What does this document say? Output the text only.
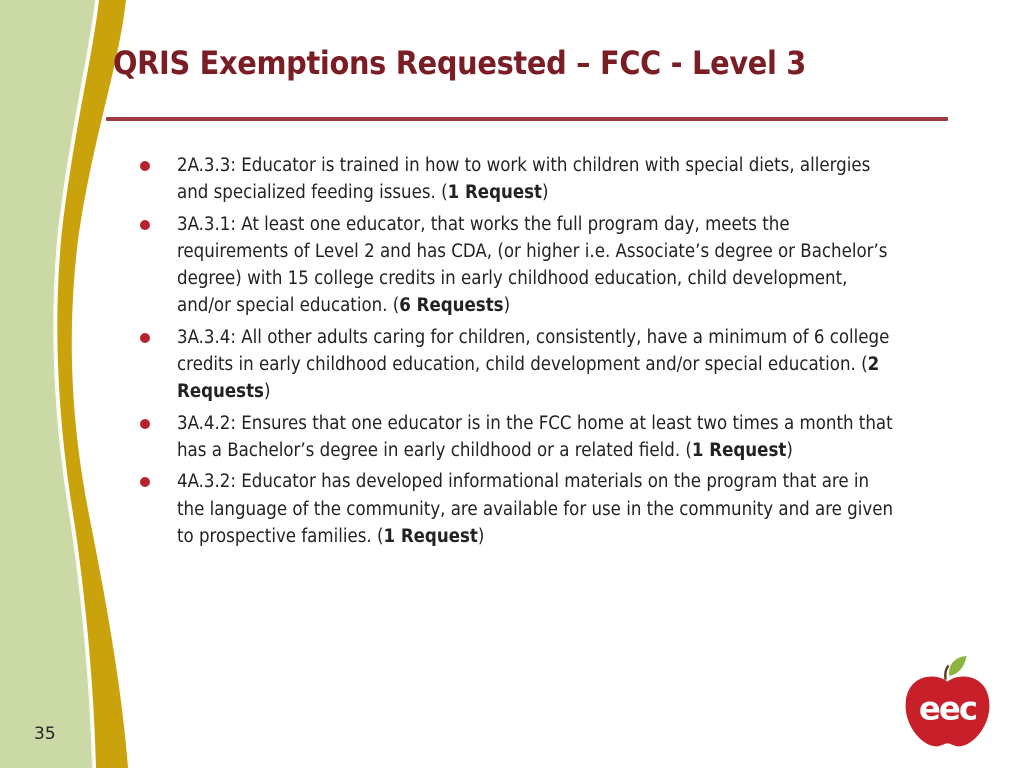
QRIS Exemptions Requested – FCC - Level 3
2A.3.3: Educator is trained in how to work with children with special diets, allergies and specialized feeding issues. (1 Request)
3A.3.1: At least one educator, that works the full program day, meets the requirements of Level 2 and has CDA, (or higher i.e. Associate’s degree or Bachelor’s degree) with 15 college credits in early childhood education, child development, and/or special education. (6 Requests)
3A.3.4: All other adults caring for children, consistently, have a minimum of 6 college credits in early childhood education, child development and/or special education. (2 Requests)
3A.4.2: Ensures that one educator is in the FCC home at least two times a month that has a Bachelor’s degree in early childhood or a related field. (1 Request)
4A.3.2: Educator has developed informational materials on the program that are in the language of the community, are available for use in the community and are given to prospective families. (1 Request)
35
eec
